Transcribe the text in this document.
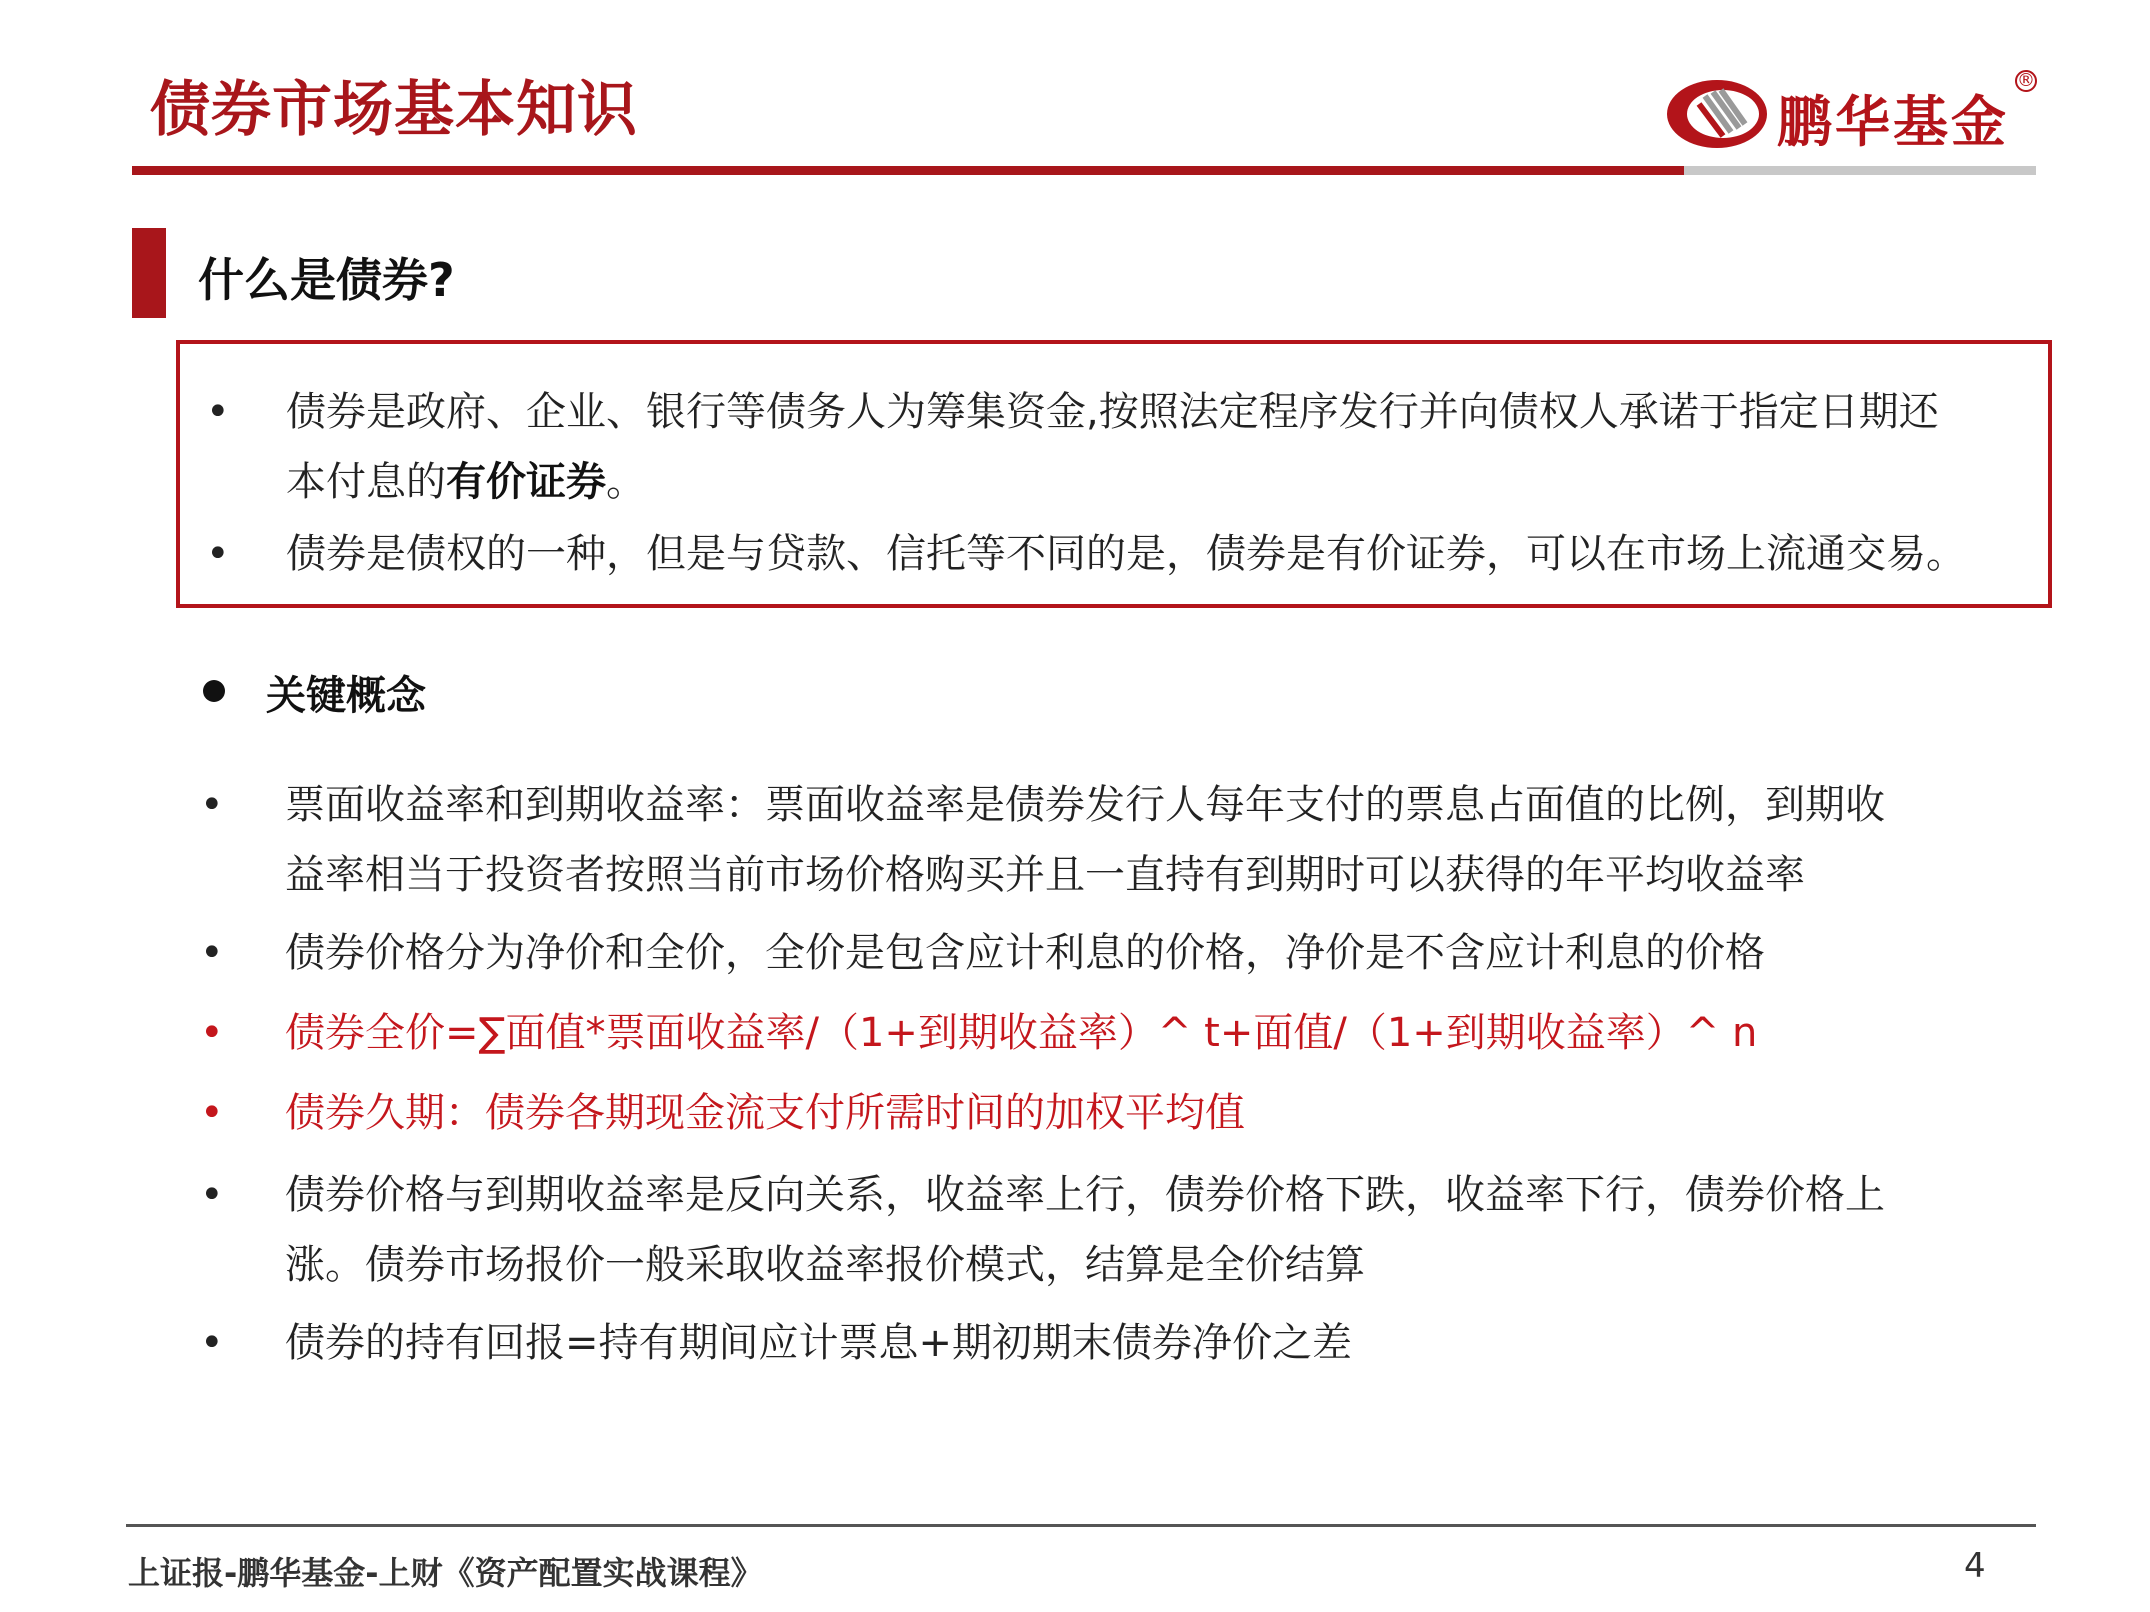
债券市场基本知识	鹏华基金
®
什么是债券?
•	债券是政府、企业、银行等债务人为筹集资金,按照法定程序发行并向债权人承诺于指定日期还
本付息的有价证券。
•	债券是债权的一种，但是与贷款、信托等不同的是，债券是有价证券，可以在市场上流通交易。
关键概念
•	票面收益率和到期收益率：票面收益率是债券发行人每年支付的票息占面值的比例，到期收
益率相当于投资者按照当前市场价格购买并且一直持有到期时可以获得的年平均收益率
•	债券价格分为净价和全价，全价是包含应计利息的价格，净价是不含应计利息的价格
•	债券全价=∑面值*票面收益率/（1+到期收益率）^ t+面值/（1+到期收益率）^ n
•	债券久期：债券各期现金流支付所需时间的加权平均值
•	债券价格与到期收益率是反向关系，收益率上行，债券价格下跌，收益率下行，债券价格上
涨。债券市场报价一般采取收益率报价模式，结算是全价结算
•	债券的持有回报=持有期间应计票息+期初期末债券净价之差
上证报-鹏华基金-上财《资产配置实战课程》	4
